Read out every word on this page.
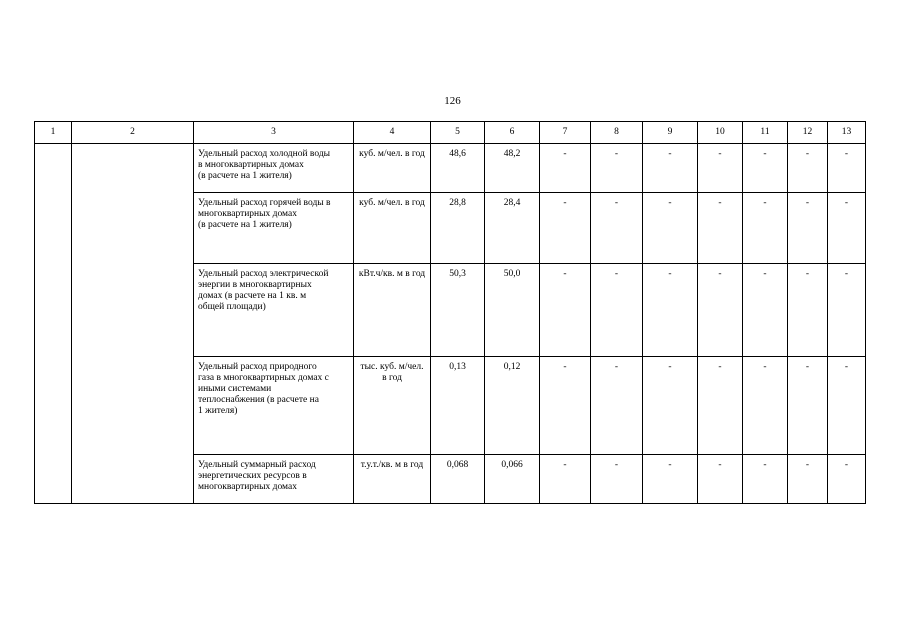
126
1	2	3	4	5	6	7	8	9	10	11	12	13
		Удельный расход холодной воды
в многоквартирных домах
(в расчете на 1 жителя)	куб. м/чел. в год	48,6	48,2	-	-	-	-	-	-	-
		Удельный расход горячей воды в
многоквартирных домах
(в расчете на 1 жителя)	куб. м/чел. в год	28,8	28,4	-	-	-	-	-	-	-
		Удельный расход электрической
энергии в многоквартирных
домах (в расчете на 1 кв. м
общей площади)	кВт.ч/кв. м в год	50,3	50,0	-	-	-	-	-	-	-
		Удельный расход природного
газа в многоквартирных домах с
иными системами
теплоснабжения (в расчете на
1 жителя)	тыс. куб. м/чел. в год	0,13	0,12	-	-	-	-	-	-	-
		Удельный суммарный расход
энергетических ресурсов в
многоквартирных домах	т.у.т./кв. м в год	0,068	0,066	-	-	-	-	-	-	-
